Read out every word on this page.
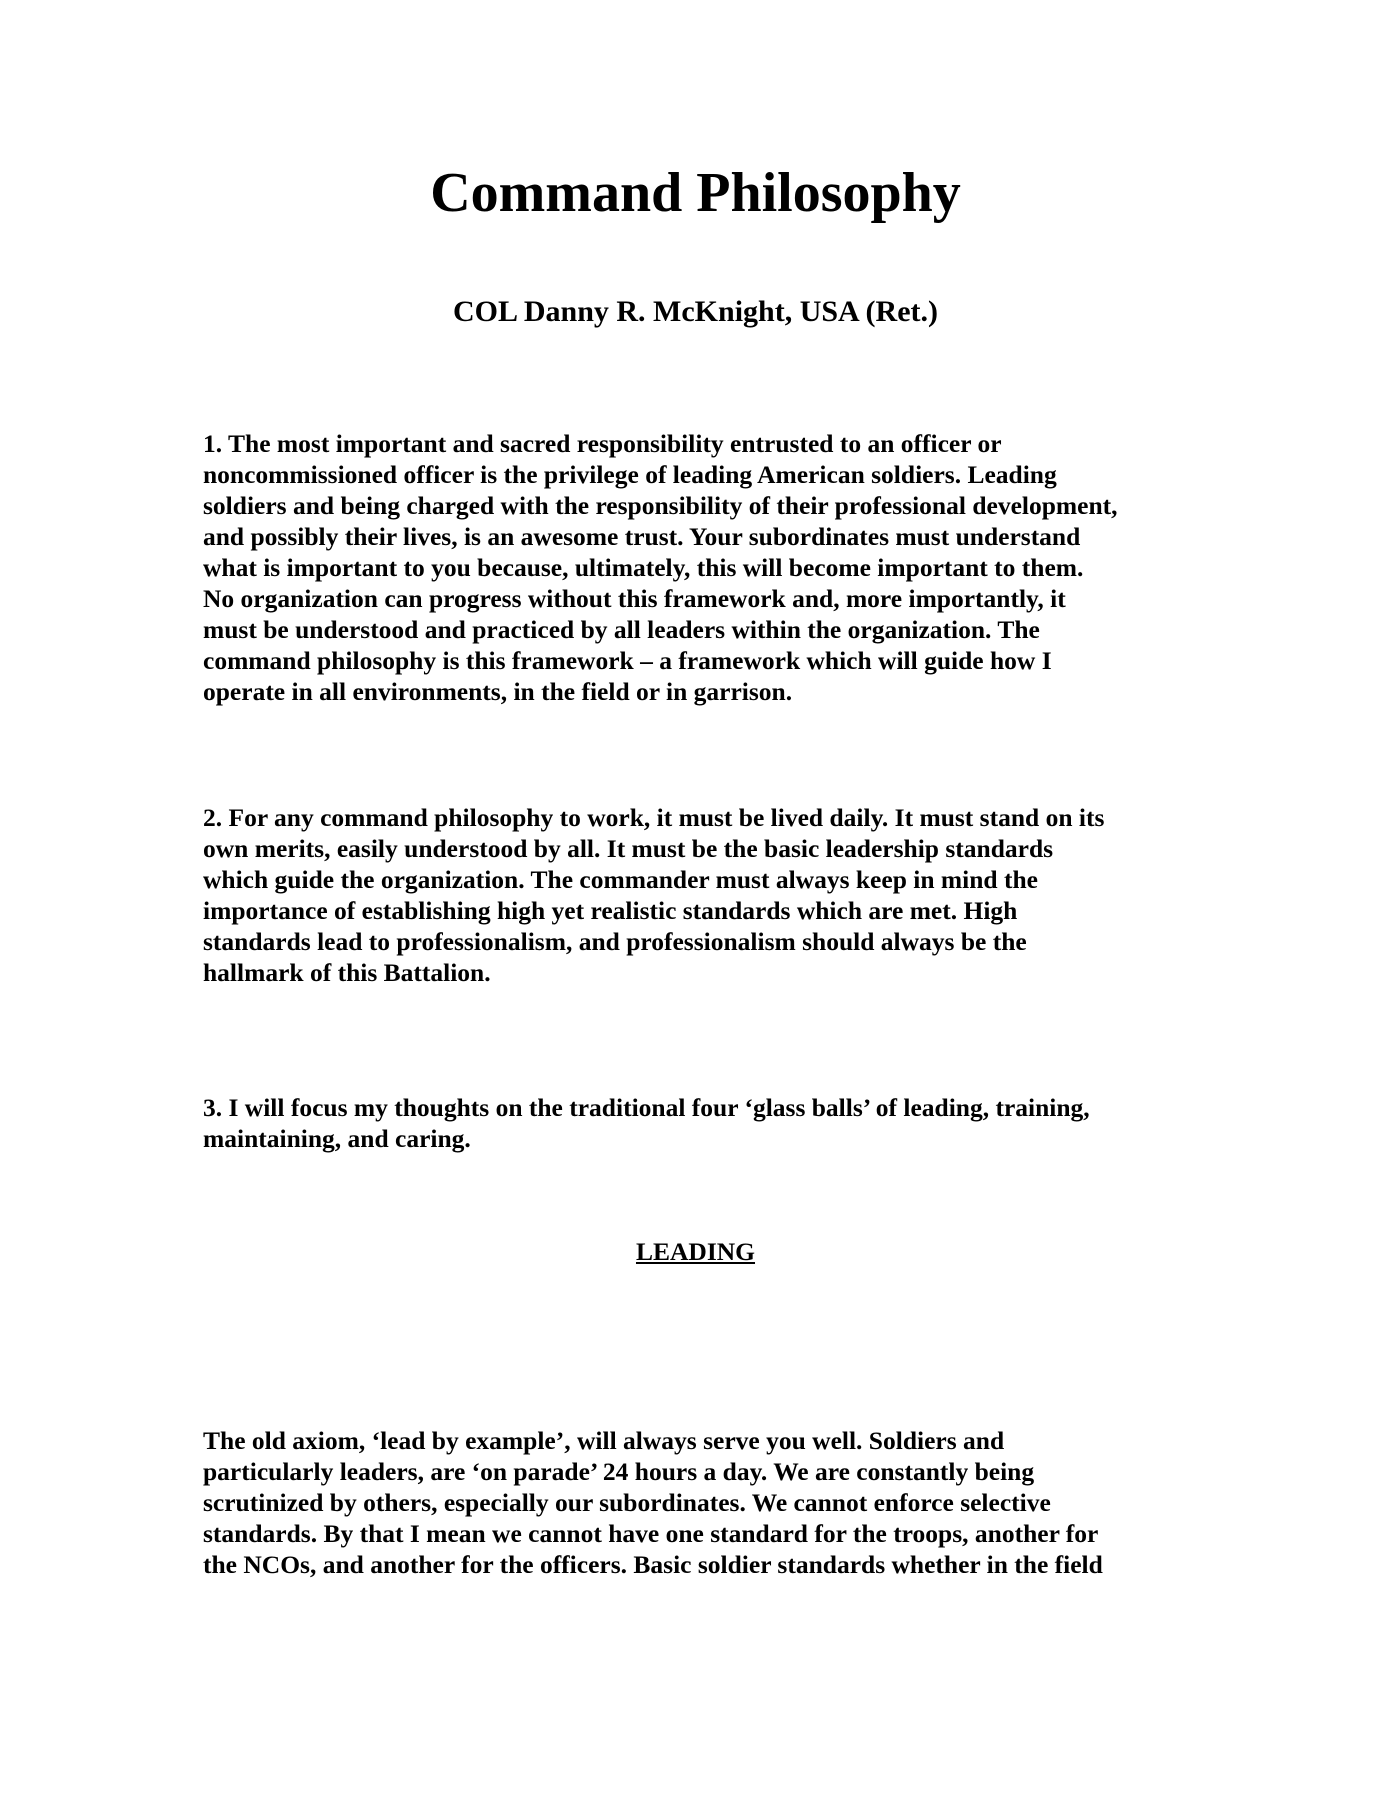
Command Philosophy
COL Danny R. McKnight, USA (Ret.)
1. The most important and sacred responsibility entrusted to an officer or
noncommissioned officer is the privilege of leading American soldiers. Leading
soldiers and being charged with the responsibility of their professional development,
and possibly their lives, is an awesome trust. Your subordinates must understand
what is important to you because, ultimately, this will become important to them.
No organization can progress without this framework and, more importantly, it
must be understood and practiced by all leaders within the organization. The
command philosophy is this framework – a framework which will guide how I
operate in all environments, in the field or in garrison.
2. For any command philosophy to work, it must be lived daily. It must stand on its
own merits, easily understood by all. It must be the basic leadership standards
which guide the organization. The commander must always keep in mind the
importance of establishing high yet realistic standards which are met. High
standards lead to professionalism, and professionalism should always be the
hallmark of this Battalion.
3. I will focus my thoughts on the traditional four ‘glass balls’ of leading, training,
maintaining, and caring.
LEADING
The old axiom, ‘lead by example’, will always serve you well. Soldiers and
particularly leaders, are ‘on parade’ 24 hours a day. We are constantly being
scrutinized by others, especially our subordinates. We cannot enforce selective
standards. By that I mean we cannot have one standard for the troops, another for
the NCOs, and another for the officers. Basic soldier standards whether in the field
